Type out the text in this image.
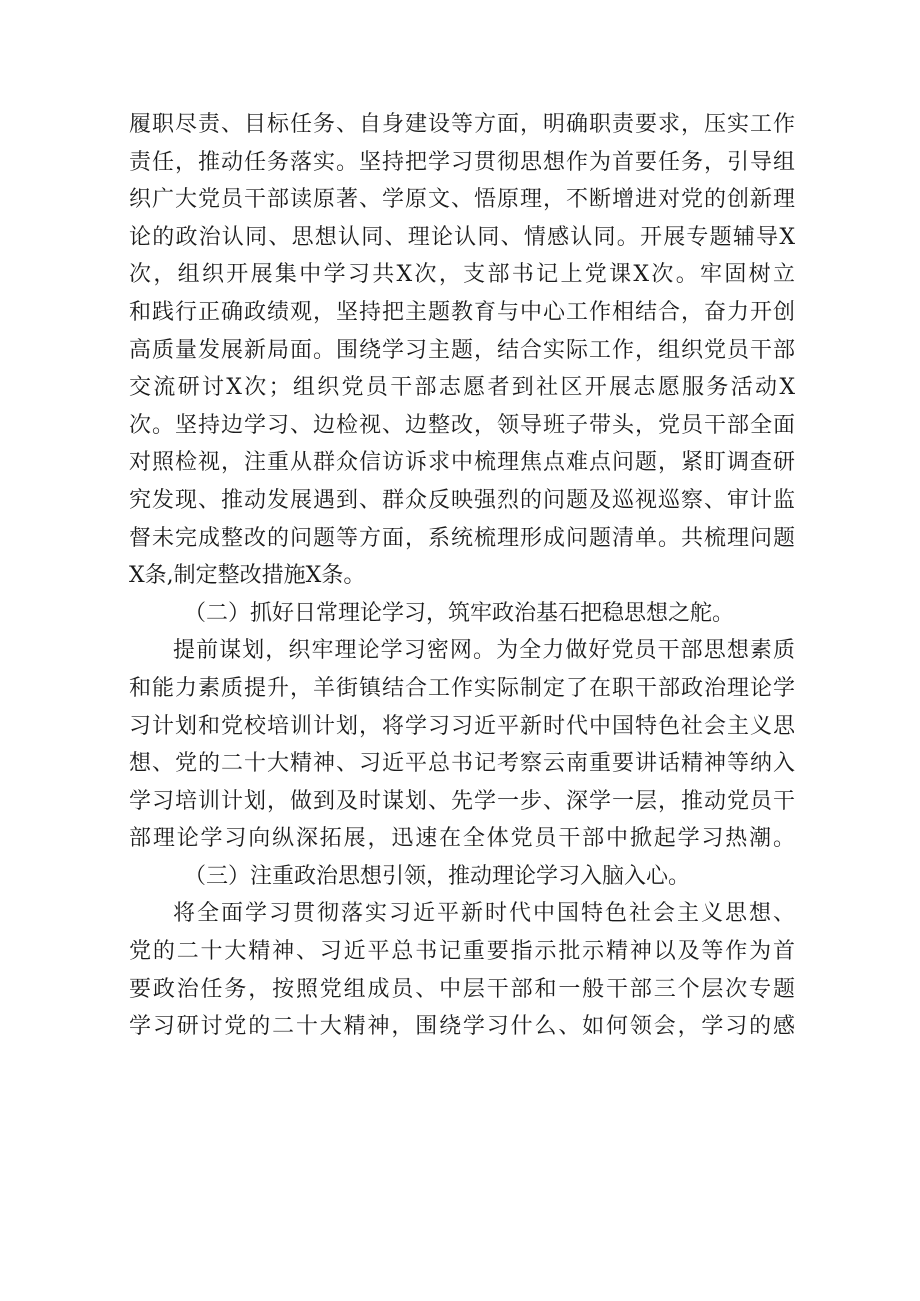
履职尽责、目标任务、自身建设等方面，明确职责要求，压实工作
责任，推动任务落实。坚持把学习贯彻思想作为首要任务，引导组
织广大党员干部读原著、学原文、悟原理，不断增进对党的创新理
论的政治认同、思想认同、理论认同、情感认同。开展专题辅导X
次，组织开展集中学习共X次，支部书记上党课X次。牢固树立
和践行正确政绩观，坚持把主题教育与中心工作相结合，奋力开创
高质量发展新局面。围绕学习主题，结合实际工作，组织党员干部
交流研讨X次；组织党员干部志愿者到社区开展志愿服务活动X
次。坚持边学习、边检视、边整改，领导班子带头，党员干部全面
对照检视，注重从群众信访诉求中梳理焦点难点问题，紧盯调查研
究发现、推动发展遇到、群众反映强烈的问题及巡视巡察、审计监
督未完成整改的问题等方面，系统梳理形成问题清单。共梳理问题
X条,制定整改措施X条。
（二）抓好日常理论学习，筑牢政治基石把稳思想之舵。
提前谋划，织牢理论学习密网。为全力做好党员干部思想素质
和能力素质提升，羊街镇结合工作实际制定了在职干部政治理论学
习计划和党校培训计划，将学习习近平新时代中国特色社会主义思
想、党的二十大精神、习近平总书记考察云南重要讲话精神等纳入
学习培训计划，做到及时谋划、先学一步、深学一层，推动党员干
部理论学习向纵深拓展，迅速在全体党员干部中掀起学习热潮。
（三）注重政治思想引领，推动理论学习入脑入心。
将全面学习贯彻落实习近平新时代中国特色社会主义思想、
党的二十大精神、习近平总书记重要指示批示精神以及等作为首
要政治任务，按照党组成员、中层干部和一般干部三个层次专题
学习研讨党的二十大精神，围绕学习什么、如何领会，学习的感
